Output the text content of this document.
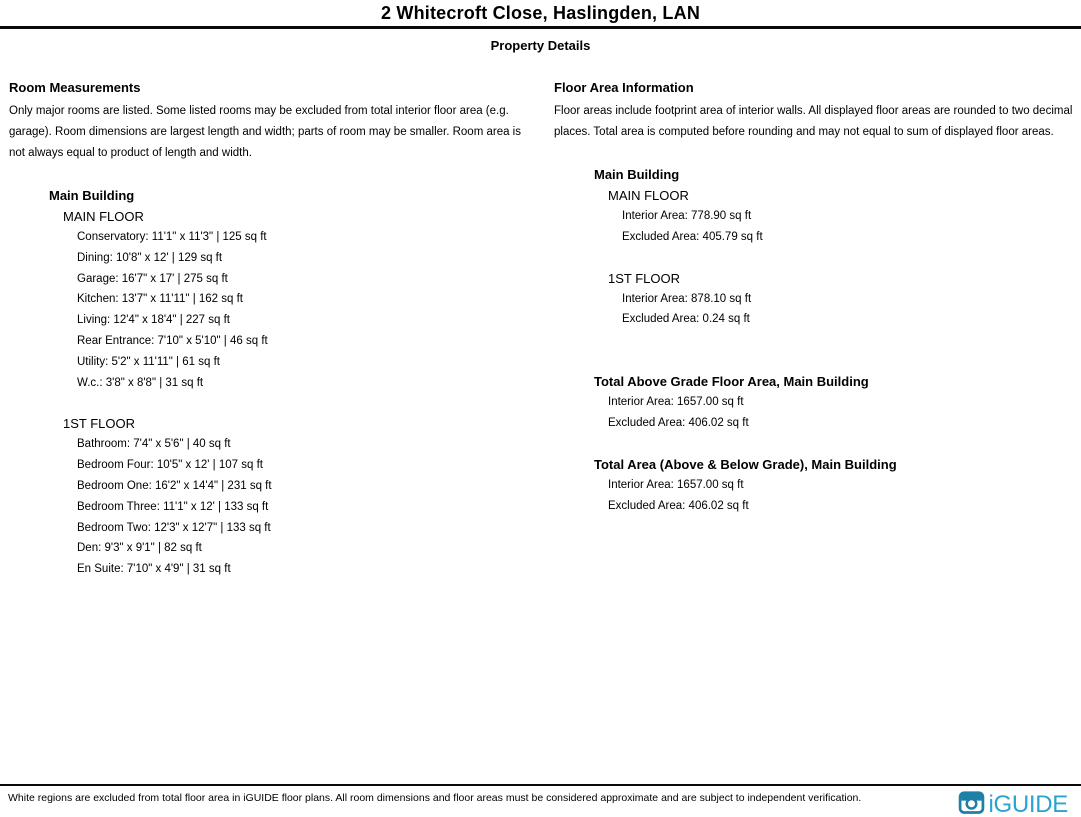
2 Whitecroft Close, Haslingden, LAN
Property Details
Room Measurements
Only major rooms are listed. Some listed rooms may be excluded from total interior floor area (e.g. garage). Room dimensions are largest length and width; parts of room may be smaller. Room area is not always equal to product of length and width.
Main Building
MAIN FLOOR
Conservatory: 11'1" x 11'3" | 125 sq ft
Dining: 10'8" x 12' | 129 sq ft
Garage: 16'7" x 17' | 275 sq ft
Kitchen: 13'7" x 11'11" | 162 sq ft
Living: 12'4" x 18'4" | 227 sq ft
Rear Entrance: 7'10" x 5'10" | 46 sq ft
Utility: 5'2" x 11'11" | 61 sq ft
W.c.: 3'8" x 8'8" | 31 sq ft
1ST FLOOR
Bathroom: 7'4" x 5'6" | 40 sq ft
Bedroom Four: 10'5" x 12' | 107 sq ft
Bedroom One: 16'2" x 14'4" | 231 sq ft
Bedroom Three: 11'1" x 12' | 133 sq ft
Bedroom Two: 12'3" x 12'7" | 133 sq ft
Den: 9'3" x 9'1" | 82 sq ft
En Suite: 7'10" x 4'9" | 31 sq ft
Floor Area Information
Floor areas include footprint area of interior walls. All displayed floor areas are rounded to two decimal places. Total area is computed before rounding and may not equal to sum of displayed floor areas.
Main Building
MAIN FLOOR
Interior Area: 778.90 sq ft
Excluded Area: 405.79 sq ft
1ST FLOOR
Interior Area: 878.10 sq ft
Excluded Area: 0.24 sq ft
Total Above Grade Floor Area, Main Building
Interior Area: 1657.00 sq ft
Excluded Area: 406.02 sq ft
Total Area (Above & Below Grade), Main Building
Interior Area: 1657.00 sq ft
Excluded Area: 406.02 sq ft
White regions are excluded from total floor area in iGUIDE floor plans. All room dimensions and floor areas must be considered approximate and are subject to independent verification.	iGUIDE
